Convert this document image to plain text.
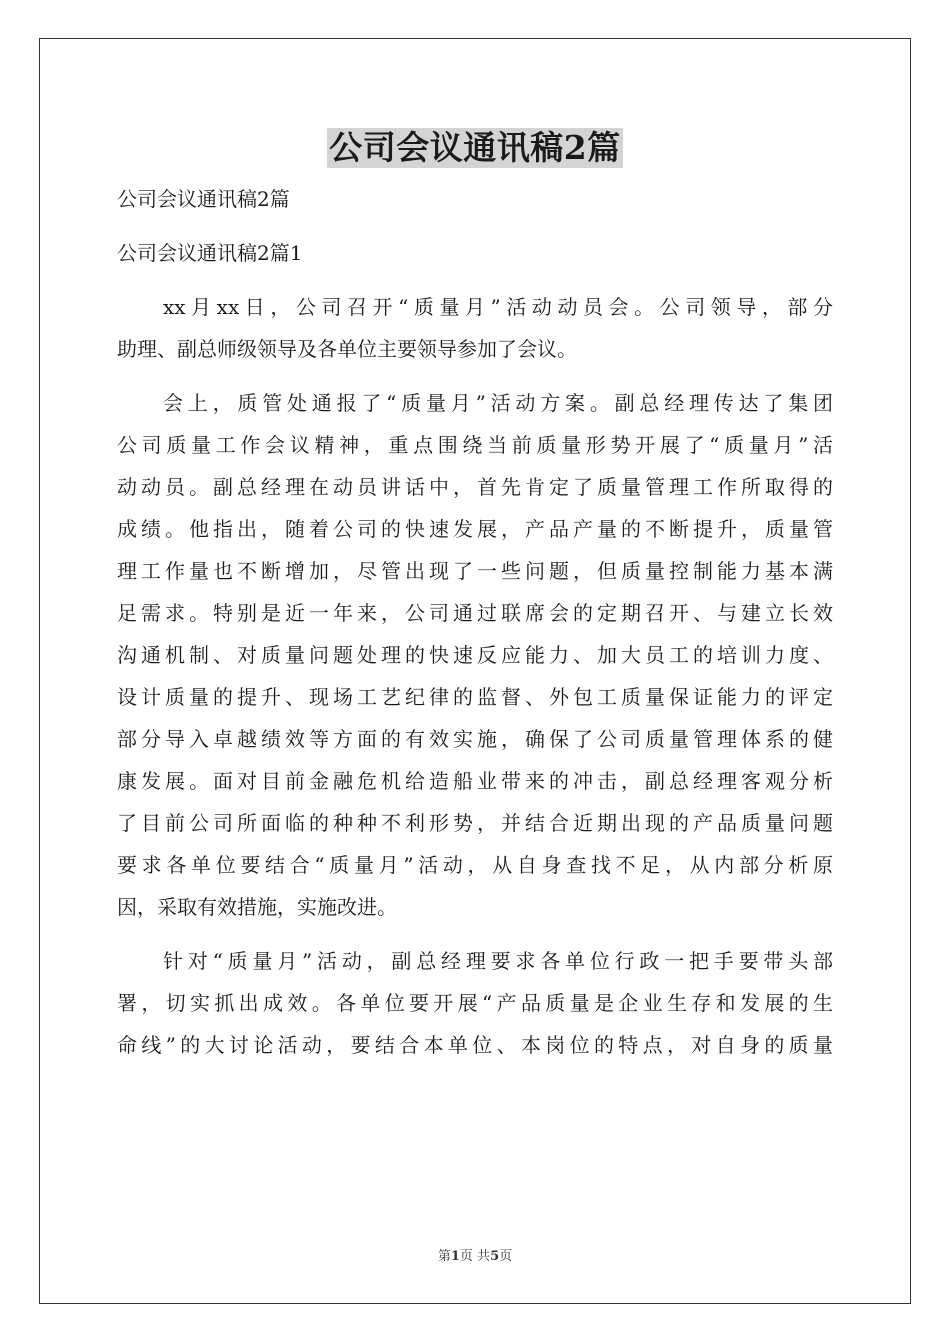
公司会议通讯稿2篇
公司会议通讯稿2篇
公司会议通讯稿2篇1
xx月xx日，公司召开“质量月”活动动员会。公司领导，部分
助理、副总师级领导及各单位主要领导参加了会议。
会上，质管处通报了“质量月”活动方案。副总经理传达了集团
公司质量工作会议精神，重点围绕当前质量形势开展了“质量月”活
动动员。副总经理在动员讲话中，首先肯定了质量管理工作所取得的
成绩。他指出，随着公司的快速发展，产品产量的不断提升，质量管
理工作量也不断增加，尽管出现了一些问题，但质量控制能力基本满
足需求。特别是近一年来，公司通过联席会的定期召开、与建立长效
沟通机制、对质量问题处理的快速反应能力、加大员工的培训力度、
设计质量的提升、现场工艺纪律的监督、外包工质量保证能力的评定
部分导入卓越绩效等方面的有效实施，确保了公司质量管理体系的健
康发展。面对目前金融危机给造船业带来的冲击，副总经理客观分析
了目前公司所面临的种种不利形势，并结合近期出现的产品质量问题
要求各单位要结合“质量月”活动，从自身查找不足，从内部分析原
因，采取有效措施，实施改进。
针对“质量月”活动，副总经理要求各单位行政一把手要带头部
署，切实抓出成效。各单位要开展“产品质量是企业生存和发展的生
命线”的大讨论活动，要结合本单位、本岗位的特点，对自身的质量
第1页 共5页
